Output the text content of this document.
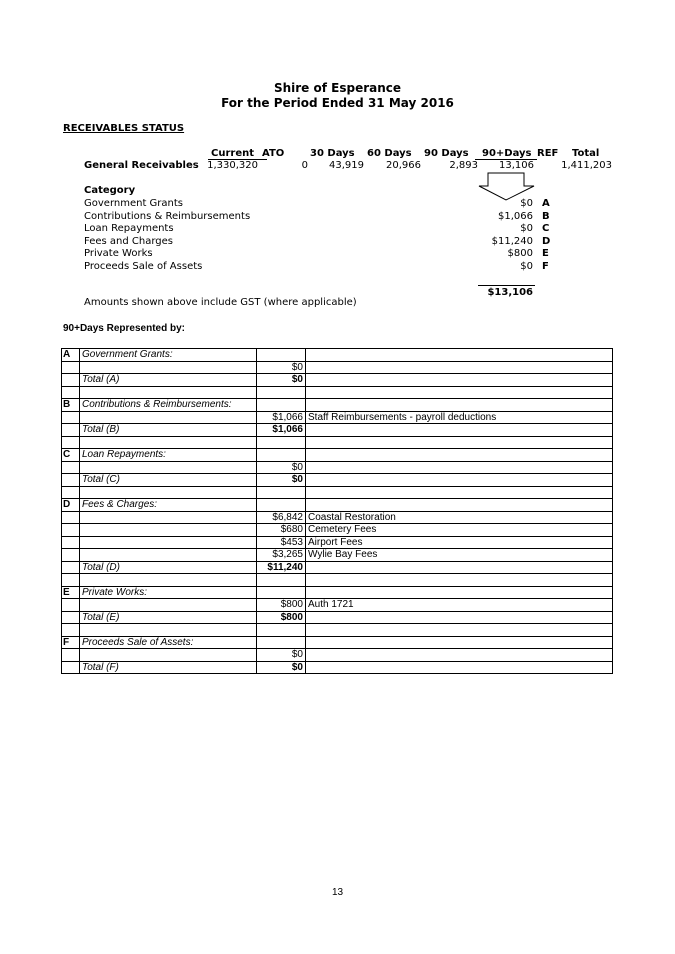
Shire of Esperance
For the Period Ended 31 May 2016
RECEIVABLES STATUS
Current ATO	30 Days 60 Days 90 Days 90+Days REF Total
General Receivables 1,330,320	0 43,919 20,966	2,893 13,106	1,411,203
Category
Government Grants	$0 A
Contributions & Reimbursements	$1,066 B
Loan Repayments	$0 C
Fees and Charges	$11,240 D
Private Works	$800 E
Proceeds Sale of Assets	$0 F
$13,106
Amounts shown above include GST (where applicable)
90+Days Represented by:
A	Government Grants:		
		$0	
	Total (A)	$0	

B	Contributions & Reimbursements:		
		$1,066	Staff Reimbursements - payroll deductions
	Total (B)	$1,066	

C	Loan Repayments:		
		$0	
	Total (C)	$0	

D	Fees & Charges:		
		$6,842	Coastal Restoration
		$680	Cemetery Fees
		$453	Airport Fees
		$3,265	Wylie Bay Fees
	Total (D)	$11,240	

E	Private Works:		
		$800	Auth 1721
	Total (E)	$800	

F	Proceeds Sale of Assets:		
		$0	
	Total (F)	$0	
13
